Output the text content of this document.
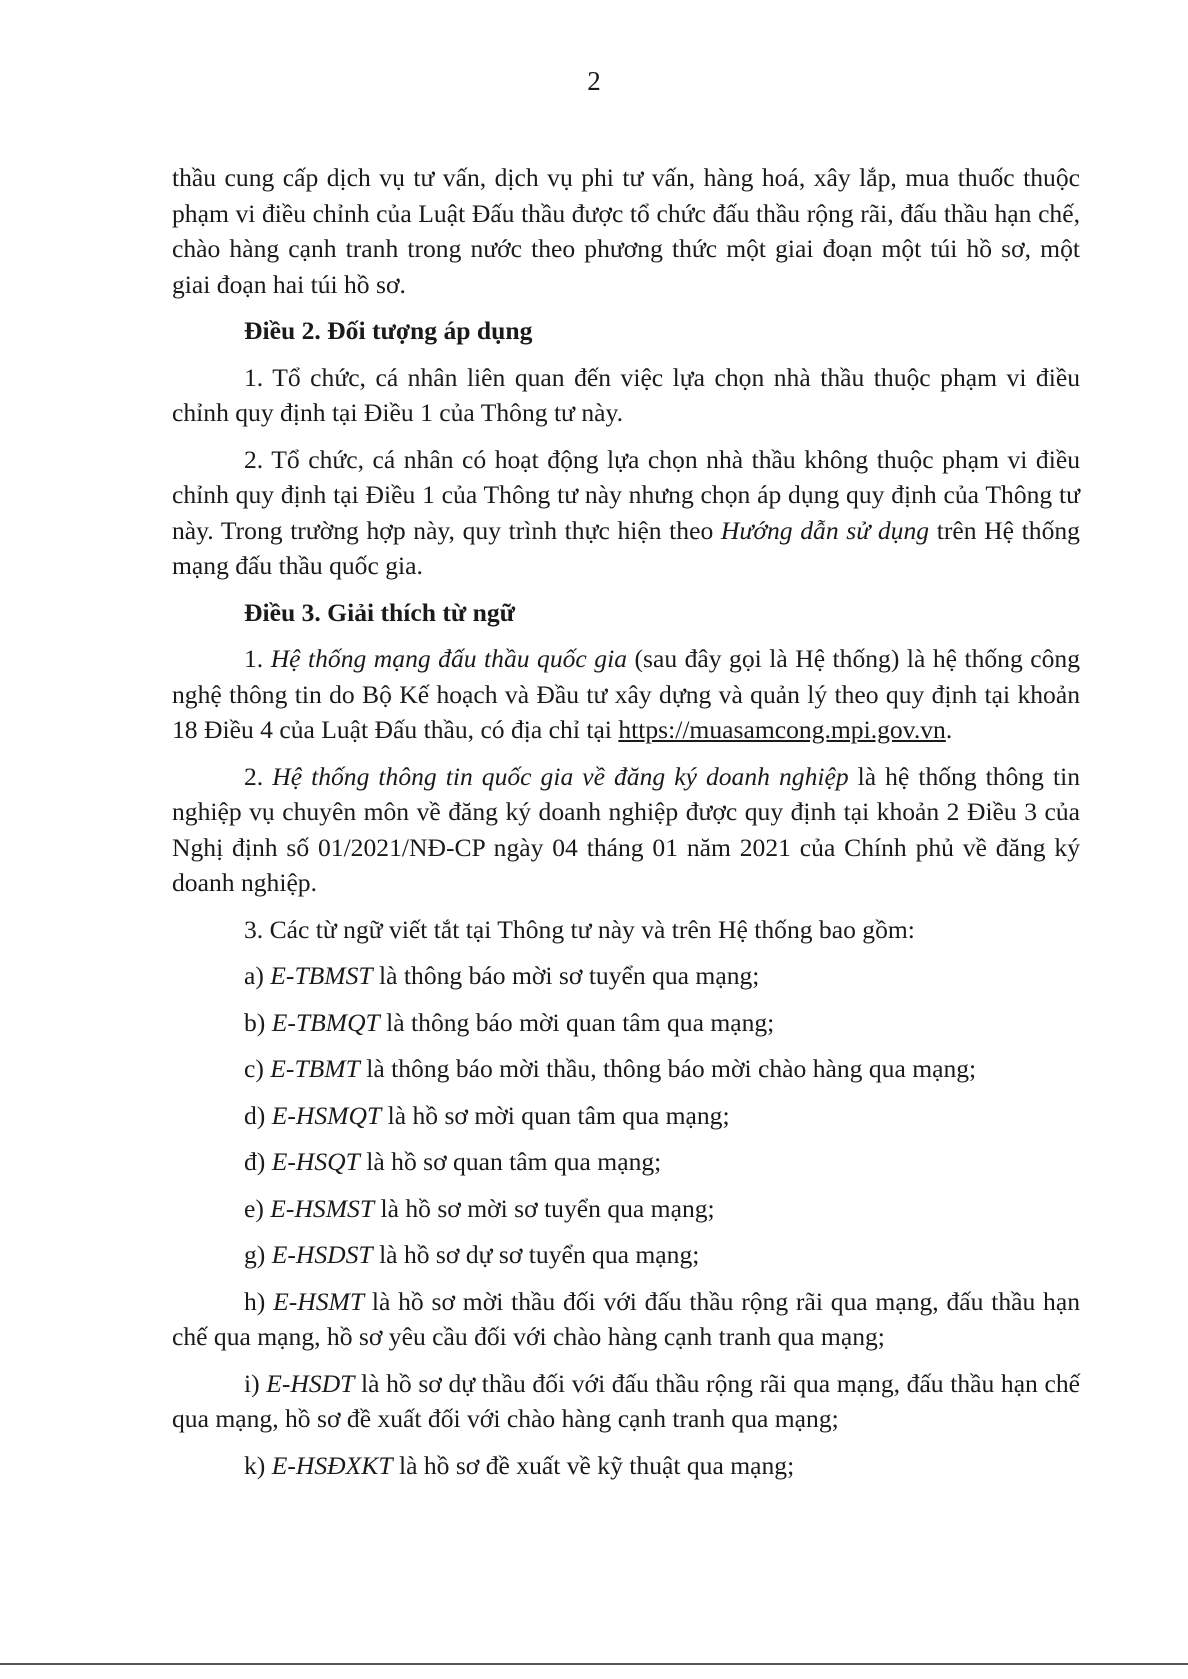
2

thầu cung cấp dịch vụ tư vấn, dịch vụ phi tư vấn, hàng hoá, xây lắp, mua thuốc thuộc phạm vi điều chỉnh của Luật Đấu thầu được tổ chức đấu thầu rộng rãi, đấu thầu hạn chế, chào hàng cạnh tranh trong nước theo phương thức một giai đoạn một túi hồ sơ, một giai đoạn hai túi hồ sơ.

Điều 2. Đối tượng áp dụng

1. Tổ chức, cá nhân liên quan đến việc lựa chọn nhà thầu thuộc phạm vi điều chỉnh quy định tại Điều 1 của Thông tư này.

2. Tổ chức, cá nhân có hoạt động lựa chọn nhà thầu không thuộc phạm vi điều chỉnh quy định tại Điều 1 của Thông tư này nhưng chọn áp dụng quy định của Thông tư này. Trong trường hợp này, quy trình thực hiện theo Hướng dẫn sử dụng trên Hệ thống mạng đấu thầu quốc gia.

Điều 3. Giải thích từ ngữ

1. Hệ thống mạng đấu thầu quốc gia (sau đây gọi là Hệ thống) là hệ thống công nghệ thông tin do Bộ Kế hoạch và Đầu tư xây dựng và quản lý theo quy định tại khoản 18 Điều 4 của Luật Đấu thầu, có địa chỉ tại https://muasamcong.mpi.gov.vn.

2. Hệ thống thông tin quốc gia về đăng ký doanh nghiệp là hệ thống thông tin nghiệp vụ chuyên môn về đăng ký doanh nghiệp được quy định tại khoản 2 Điều 3 của Nghị định số 01/2021/NĐ-CP ngày 04 tháng 01 năm 2021 của Chính phủ về đăng ký doanh nghiệp.

3. Các từ ngữ viết tắt tại Thông tư này và trên Hệ thống bao gồm:

a) E-TBMST là thông báo mời sơ tuyển qua mạng;

b) E-TBMQT là thông báo mời quan tâm qua mạng;

c) E-TBMT là thông báo mời thầu, thông báo mời chào hàng qua mạng;

d) E-HSMQT là hồ sơ mời quan tâm qua mạng;

đ) E-HSQT là hồ sơ quan tâm qua mạng;

e) E-HSMST là hồ sơ mời sơ tuyển qua mạng;

g) E-HSDST là hồ sơ dự sơ tuyển qua mạng;

h) E-HSMT là hồ sơ mời thầu đối với đấu thầu rộng rãi qua mạng, đấu thầu hạn chế qua mạng, hồ sơ yêu cầu đối với chào hàng cạnh tranh qua mạng;

i) E-HSDT là hồ sơ dự thầu đối với đấu thầu rộng rãi qua mạng, đấu thầu hạn chế qua mạng, hồ sơ đề xuất đối với chào hàng cạnh tranh qua mạng;

k) E-HSĐXKT là hồ sơ đề xuất về kỹ thuật qua mạng;
